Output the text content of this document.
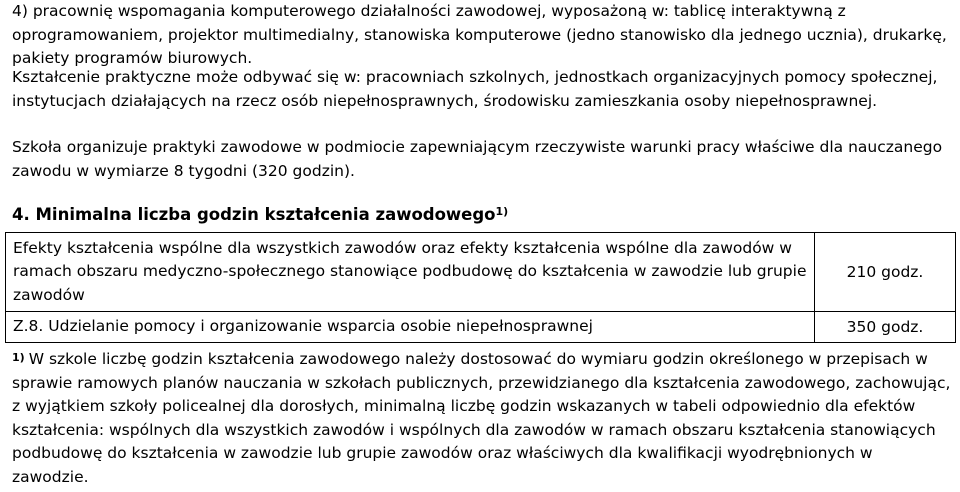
4) pracownię wspomagania komputerowego działalności zawodowej, wyposażoną w: tablicę interaktywną z oprogramowaniem, projektor multimedialny, stanowiska komputerowe (jedno stanowisko dla jednego ucznia), drukarkę, pakiety programów biurowych.
Kształcenie praktyczne może odbywać się w: pracowniach szkolnych, jednostkach organizacyjnych pomocy społecznej, instytucjach działających na rzecz osób niepełnosprawnych, środowisku zamieszkania osoby niepełnosprawnej.
Szkoła organizuje praktyki zawodowe w podmiocie zapewniającym rzeczywiste warunki pracy właściwe dla nauczanego zawodu w wymiarze 8 tygodni (320 godzin).
4. Minimalna liczba godzin kształcenia zawodowego$^{1)}$
Efekty kształcenia wspólne dla wszystkich zawodów oraz efekty kształcenia wspólne dla zawodów w ramach obszaru medyczno-społecznego stanowiące podbudowę do kształcenia w zawodzie lub grupie zawodów	210 godz.
Z.8. Udzielanie pomocy i organizowanie wsparcia osobie niepełnosprawnej	350 godz.
$^{1)}$ W szkole liczbę godzin kształcenia zawodowego należy dostosować do wymiaru godzin określonego w przepisach w sprawie ramowych planów nauczania w szkołach publicznych, przewidzianego dla kształcenia zawodowego, zachowując, z wyjątkiem szkoły policealnej dla dorosłych, minimalną liczbę godzin wskazanych w tabeli odpowiednio dla efektów kształcenia: wspólnych dla wszystkich zawodów i wspólnych dla zawodów w ramach obszaru kształcenia stanowiących podbudowę do kształcenia w zawodzie lub grupie zawodów oraz właściwych dla kwalifikacji wyodrębnionych w zawodzie.
